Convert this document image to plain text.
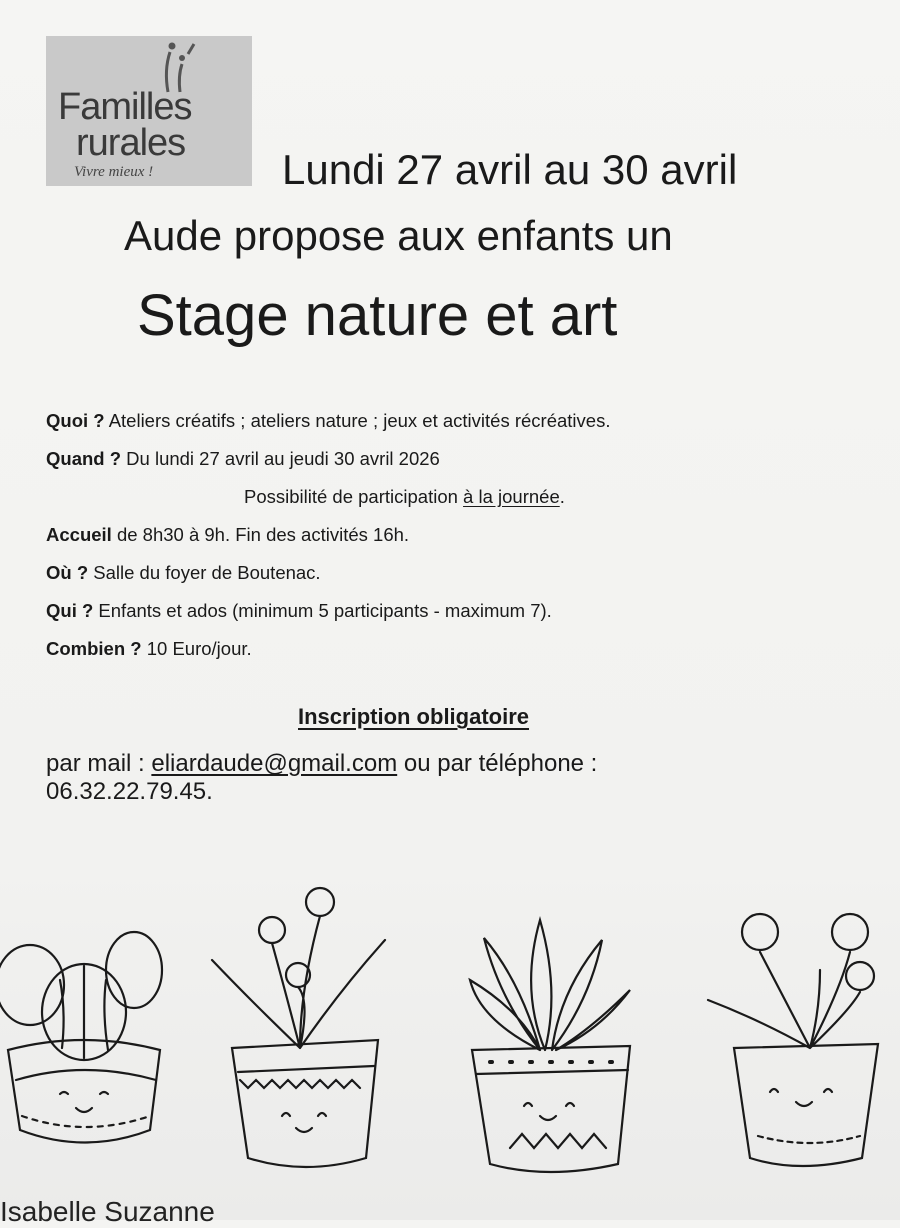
Familles
rurales
Vivre mieux !	Lundi 27 avril au 30 avril
Aude propose aux enfants un
Stage nature et art
Quoi ? Ateliers créatifs ; ateliers nature ; jeux et activités récréatives.
Quand ? Du lundi 27 avril au jeudi 30 avril 2026
Possibilité de participation à la journée.
Accueil de 8h30 à 9h. Fin des activités 16h.
Où ? Salle du foyer de Boutenac.
Qui ? Enfants et ados (minimum 5 participants - maximum 7).
Combien ? 10 Euro/jour.
Inscription obligatoire
par mail : eliardaude@gmail.com ou par téléphone :
06.32.22.79.45.
Isabelle Suzanne
